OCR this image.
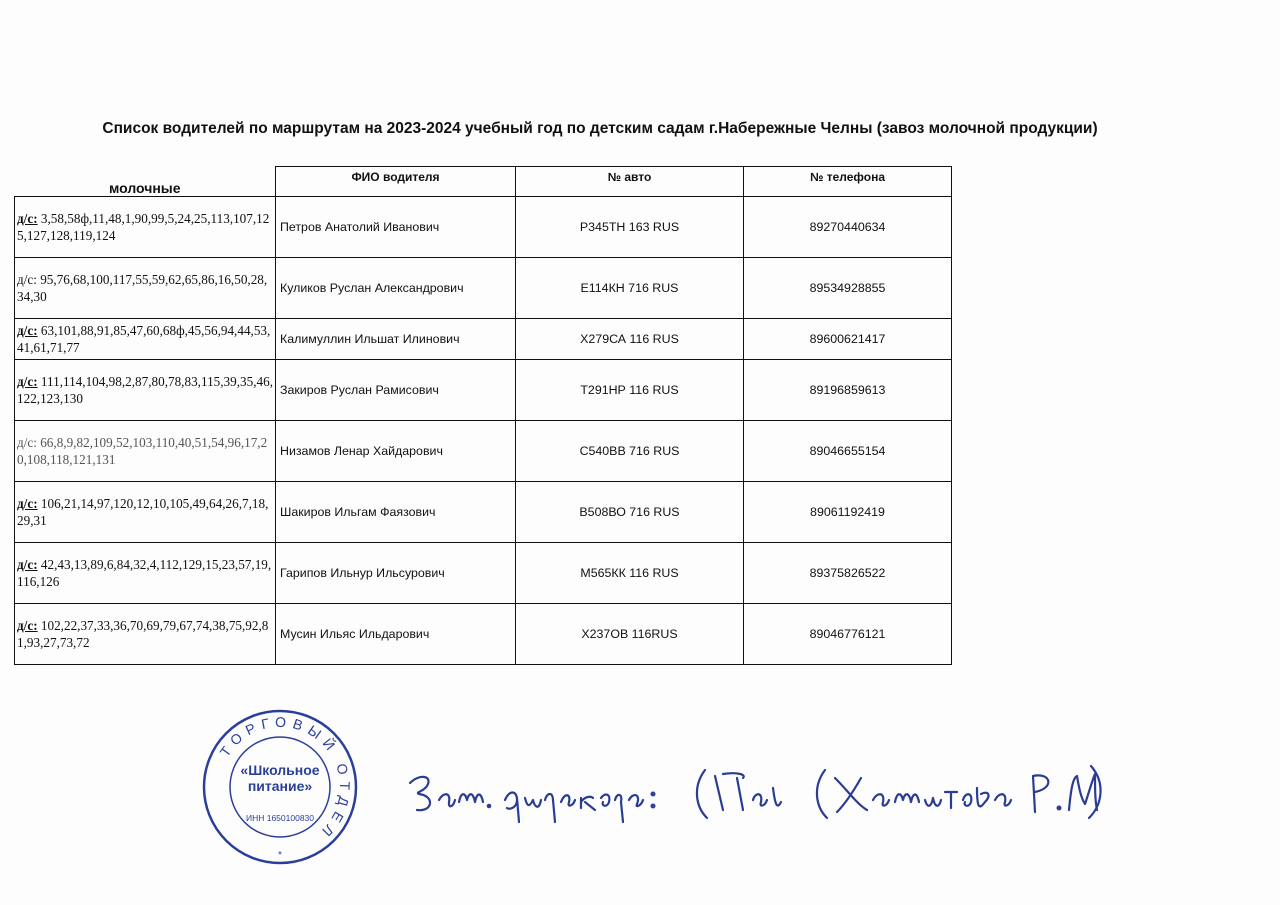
Список водителей по маршрутам на 2023-2024 учебный год по детским садам г.Набережные Челны (завоз молочной продукции)
молочные	ФИО водителя	№ авто	№ телефона
д/с: 3,58,58ф,11,48,1,90,99,5,24,25,113,107,125,127,128,119,124	Петров Анатолий Иванович	Р345ТН 163 RUS	89270440634
д/с: 95,76,68,100,117,55,59,62,65,86,16,50,28,34,30	Куликов Руслан Александрович	Е114КН 716 RUS	89534928855
д/с: 63,101,88,91,85,47,60,68ф,45,56,94,44,53,41,61,71,77	Калимуллин Ильшат Илинович	Х279СА 116 RUS	89600621417
д/с: 111,114,104,98,2,87,80,78,83,115,39,35,46,122,123,130	Закиров Руслан Рамисович	Т291НР 116 RUS	89196859613
д/с: 66,8,9,82,109,52,103,110,40,51,54,96,17,20,108,118,121,131	Низамов Ленар Хайдарович	С540ВВ 716 RUS	89046655154
д/с: 106,21,14,97,120,12,10,105,49,64,26,7,18,29,31	Шакиров Ильгам Фаязович	В508ВО 716 RUS	89061192419
д/с: 42,43,13,89,6,84,32,4,112,129,15,23,57,19,116,126	Гарипов Ильнур Ильсурович	М565КК 116 RUS	89375826522
д/с: 102,22,37,33,36,70,69,79,67,74,38,75,92,81,93,27,73,72	Мусин Ильяс Ильдарович	Х237ОВ 116RUS	89046776121
ТОРГОВЫЙ ОТДЕЛ
«Школьное
питание»
ИНН 1650100830
*
